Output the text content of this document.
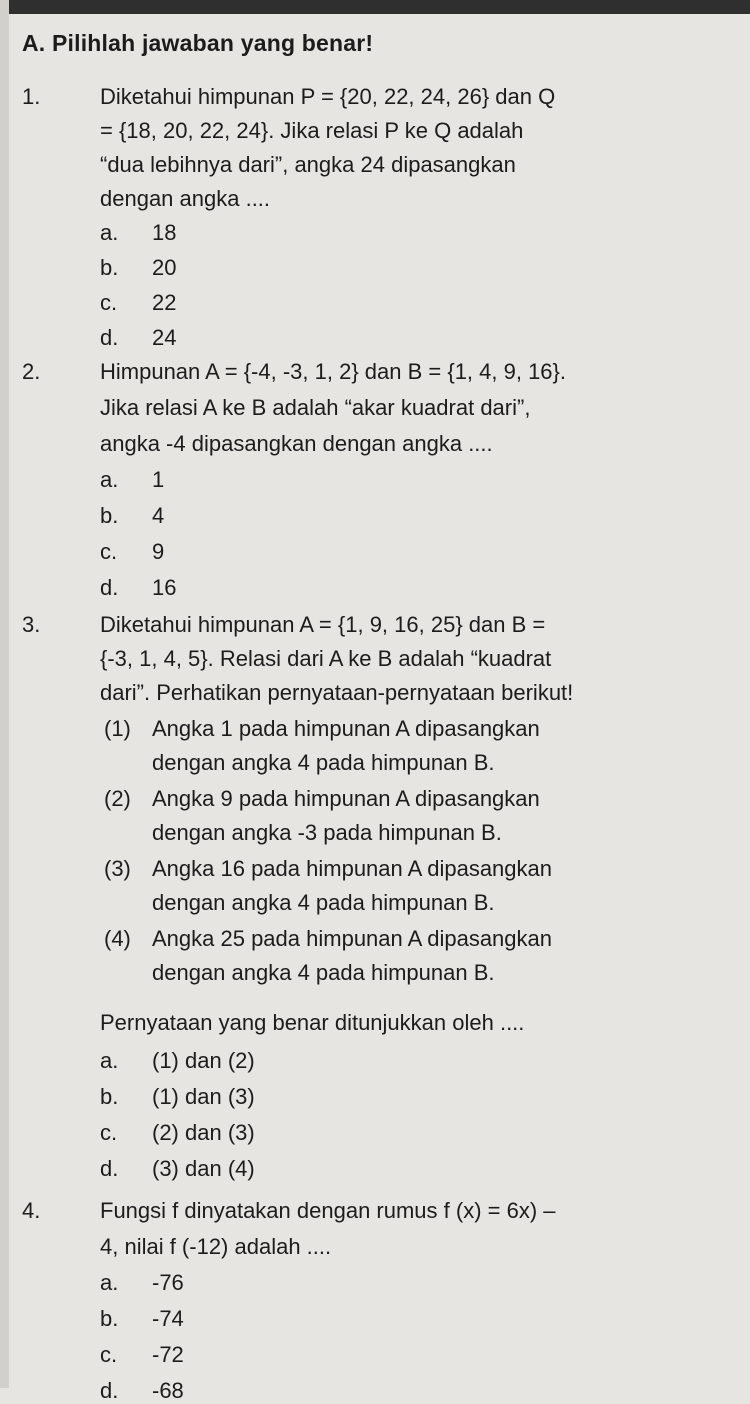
A. Pilihlah jawaban yang benar!
1.	Diketahui himpunan P = {20, 22, 24, 26} dan Q
= {18, 20, 22, 24}. Jika relasi P ke Q adalah
“dua lebihnya dari”, angka 24 dipasangkan
dengan angka ....
a. 18
b. 20
c. 22
d. 24
2.	Himpunan A = {-4, -3, 1, 2} dan B = {1, 4, 9, 16}.
Jika relasi A ke B adalah “akar kuadrat dari”,
angka -4 dipasangkan dengan angka ....
a. 1
b. 4
c. 9
d. 16
3.	Diketahui himpunan A = {1, 9, 16, 25} dan B =
{-3, 1, 4, 5}. Relasi dari A ke B adalah “kuadrat
dari”. Perhatikan pernyataan-pernyataan berikut!
(1) Angka 1 pada himpunan A dipasangkan
dengan angka 4 pada himpunan B.
(2) Angka 9 pada himpunan A dipasangkan
dengan angka -3 pada himpunan B.
(3) Angka 16 pada himpunan A dipasangkan
dengan angka 4 pada himpunan B.
(4) Angka 25 pada himpunan A dipasangkan
dengan angka 4 pada himpunan B.
Pernyataan yang benar ditunjukkan oleh ....
a. (1) dan (2)
b. (1) dan (3)
c. (2) dan (3)
d. (3) dan (4)
4.	Fungsi f dinyatakan dengan rumus f (x) = 6x) –
4, nilai f (-12) adalah ....
a. -76
b. -74
c. -72
d. -68
